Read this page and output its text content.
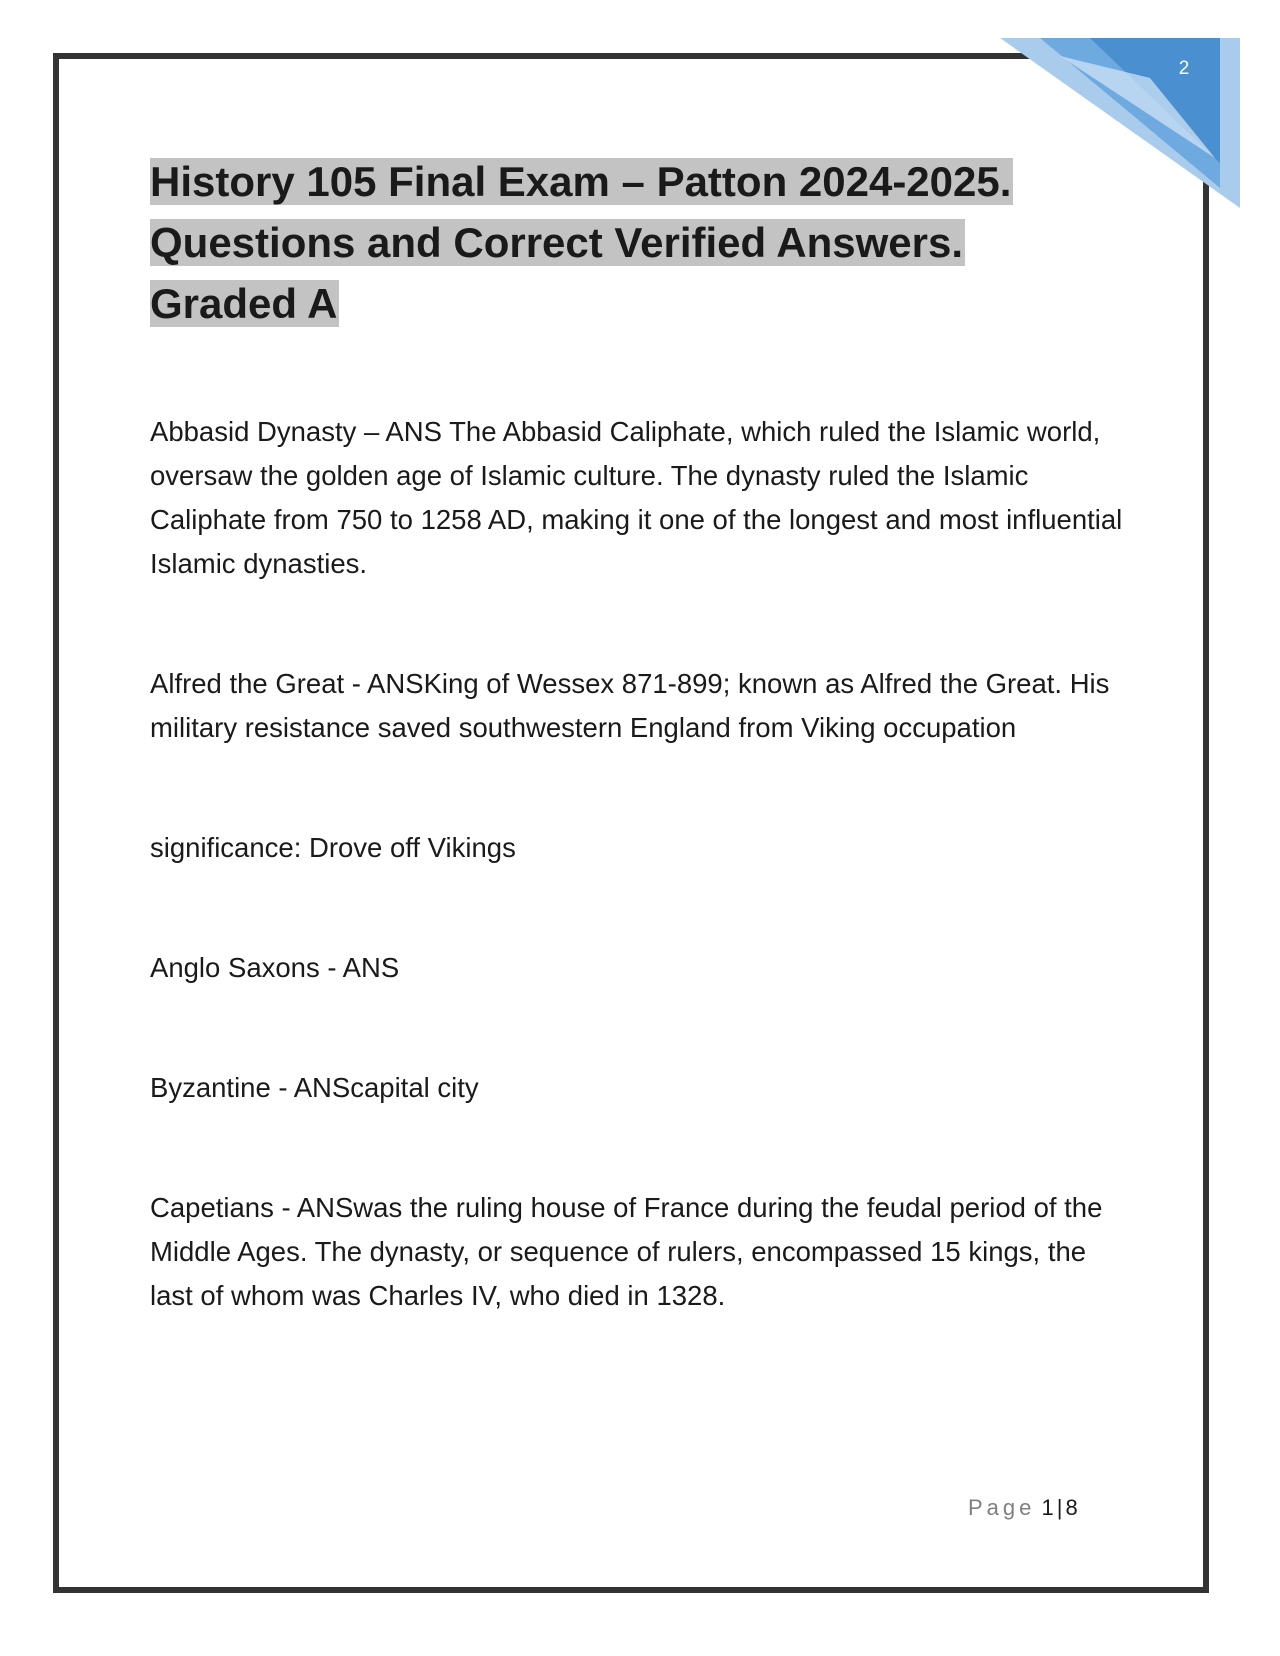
2
History 105 Final Exam – Patton 2024-2025. Questions and Correct Verified Answers. Graded A

Abbasid Dynasty – ANS The Abbasid Caliphate, which ruled the Islamic world, oversaw the golden age of Islamic culture. The dynasty ruled the Islamic Caliphate from 750 to 1258 AD, making it one of the longest and most influential Islamic dynasties.

Alfred the Great - ANSKing of Wessex 871-899; known as Alfred the Great. His military resistance saved southwestern England from Viking occupation

significance: Drove off Vikings

Anglo Saxons - ANS

Byzantine - ANScapital city

Capetians - ANSwas the ruling house of France during the feudal period of the Middle Ages. The dynasty, or sequence of rulers, encompassed 15 kings, the last of whom was Charles IV, who died in 1328.

Page 1 | 8
